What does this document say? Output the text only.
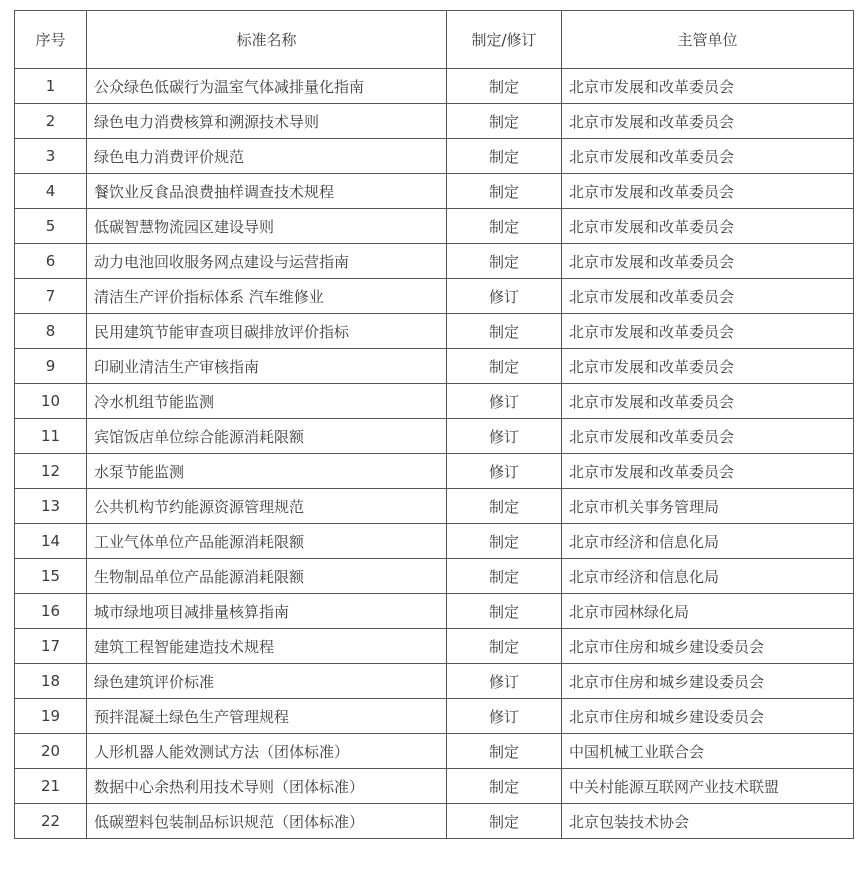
序号	标准名称	制定/修订	主管单位
1	公众绿色低碳行为温室气体减排量化指南	制定	北京市发展和改革委员会
2	绿色电力消费核算和溯源技术导则	制定	北京市发展和改革委员会
3	绿色电力消费评价规范	制定	北京市发展和改革委员会
4	餐饮业反食品浪费抽样调查技术规程	制定	北京市发展和改革委员会
5	低碳智慧物流园区建设导则	制定	北京市发展和改革委员会
6	动力电池回收服务网点建设与运营指南	制定	北京市发展和改革委员会
7	清洁生产评价指标体系 汽车维修业	修订	北京市发展和改革委员会
8	民用建筑节能审查项目碳排放评价指标	制定	北京市发展和改革委员会
9	印刷业清洁生产审核指南	制定	北京市发展和改革委员会
10	冷水机组节能监测	修订	北京市发展和改革委员会
11	宾馆饭店单位综合能源消耗限额	修订	北京市发展和改革委员会
12	水泵节能监测	修订	北京市发展和改革委员会
13	公共机构节约能源资源管理规范	制定	北京市机关事务管理局
14	工业气体单位产品能源消耗限额	制定	北京市经济和信息化局
15	生物制品单位产品能源消耗限额	制定	北京市经济和信息化局
16	城市绿地项目减排量核算指南	制定	北京市园林绿化局
17	建筑工程智能建造技术规程	制定	北京市住房和城乡建设委员会
18	绿色建筑评价标准	修订	北京市住房和城乡建设委员会
19	预拌混凝土绿色生产管理规程	修订	北京市住房和城乡建设委员会
20	人形机器人能效测试方法（团体标准）	制定	中国机械工业联合会
21	数据中心余热利用技术导则（团体标准）	制定	中关村能源互联网产业技术联盟
22	低碳塑料包装制品标识规范（团体标准）	制定	北京包装技术协会
